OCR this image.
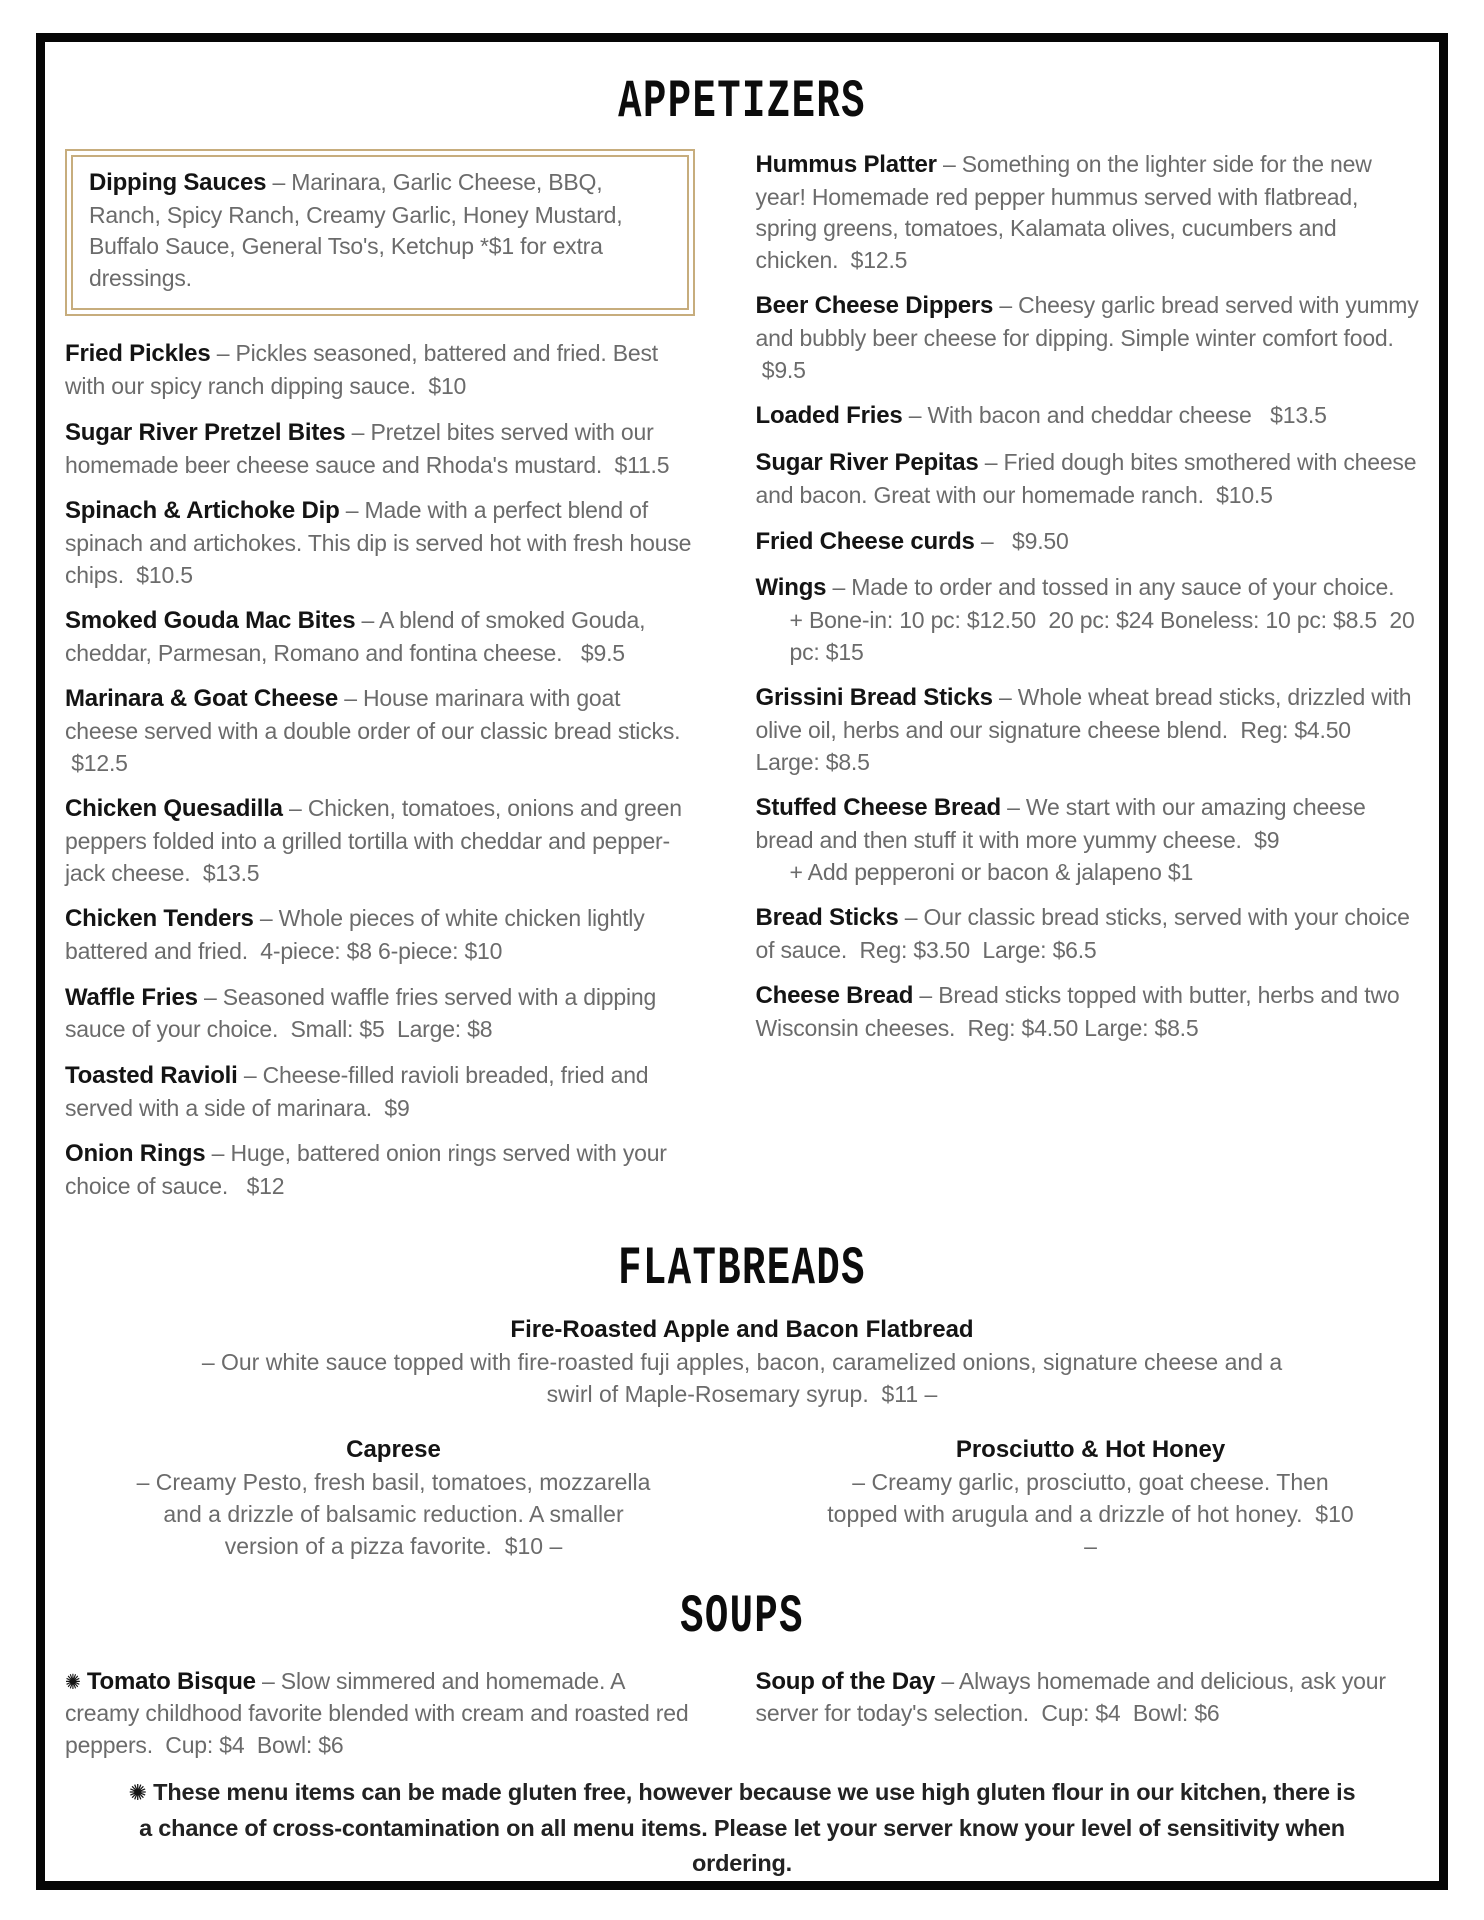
APPETIZERS

Dipping Sauces – Marinara, Garlic Cheese, BBQ, Ranch, Spicy Ranch, Creamy Garlic, Honey Mustard, Buffalo Sauce, General Tso's, Ketchup *$1 for extra dressings.

Fried Pickles – Pickles seasoned, battered and fried. Best with our spicy ranch dipping sauce.  $10

Sugar River Pretzel Bites – Pretzel bites served with our homemade beer cheese sauce and Rhoda's mustard.  $11.5

Spinach & Artichoke Dip – Made with a perfect blend of spinach and artichokes. This dip is served hot with fresh house chips.  $10.5

Smoked Gouda Mac Bites – A blend of smoked Gouda, cheddar, Parmesan, Romano and fontina cheese.   $9.5

Marinara & Goat Cheese – House marinara with goat cheese served with a double order of our classic bread sticks.  $12.5

Chicken Quesadilla – Chicken, tomatoes, onions and green peppers folded into a grilled tortilla with cheddar and pepper-jack cheese.  $13.5

Chicken Tenders – Whole pieces of white chicken lightly battered and fried.  4-piece: $8 6-piece: $10

Waffle Fries – Seasoned waffle fries served with a dipping sauce of your choice.  Small: $5  Large: $8

Toasted Ravioli – Cheese-filled ravioli breaded, fried and served with a side of marinara.  $9

Onion Rings – Huge, battered onion rings served with your choice of sauce.   $12

Hummus Platter – Something on the lighter side for the new year! Homemade red pepper hummus served with flatbread, spring greens, tomatoes, Kalamata olives, cucumbers and chicken.  $12.5

Beer Cheese Dippers – Cheesy garlic bread served with yummy and bubbly beer cheese for dipping. Simple winter comfort food.  $9.5

Loaded Fries – With bacon and cheddar cheese   $13.5

Sugar River Pepitas – Fried dough bites smothered with cheese and bacon. Great with our homemade ranch.  $10.5

Fried Cheese curds –   $9.50

Wings – Made to order and tossed in any sauce of your choice.
+ Bone-in: 10 pc: $12.50  20 pc: $24 Boneless: 10 pc: $8.5  20 pc: $15

Grissini Bread Sticks – Whole wheat bread sticks, drizzled with olive oil, herbs and our signature cheese blend.  Reg: $4.50 Large: $8.5

Stuffed Cheese Bread – We start with our amazing cheese bread and then stuff it with more yummy cheese.  $9
+ Add pepperoni or bacon & jalapeno $1

Bread Sticks – Our classic bread sticks, served with your choice of sauce.  Reg: $3.50  Large: $6.5

Cheese Bread – Bread sticks topped with butter, herbs and two Wisconsin cheeses.  Reg: $4.50 Large: $8.5

FLATBREADS

Fire-Roasted Apple and Bacon Flatbread

– Our white sauce topped with fire-roasted fuji apples, bacon, caramelized onions, signature cheese and a swirl of Maple-Rosemary syrup.  $11 –

Caprese

– Creamy Pesto, fresh basil, tomatoes, mozzarella and a drizzle of balsamic reduction. A smaller version of a pizza favorite.  $10 –

Prosciutto & Hot Honey

– Creamy garlic, prosciutto, goat cheese. Then topped with arugula and a drizzle of hot honey.  $10 –

SOUPS

✺ Tomato Bisque – Slow simmered and homemade. A creamy childhood favorite blended with cream and roasted red peppers.  Cup: $4  Bowl: $6

Soup of the Day – Always homemade and delicious, ask your server for today's selection.  Cup: $4  Bowl: $6

✺ These menu items can be made gluten free, however because we use high gluten flour in our kitchen, there is a chance of cross-contamination on all menu items. Please let your server know your level of sensitivity when ordering.
